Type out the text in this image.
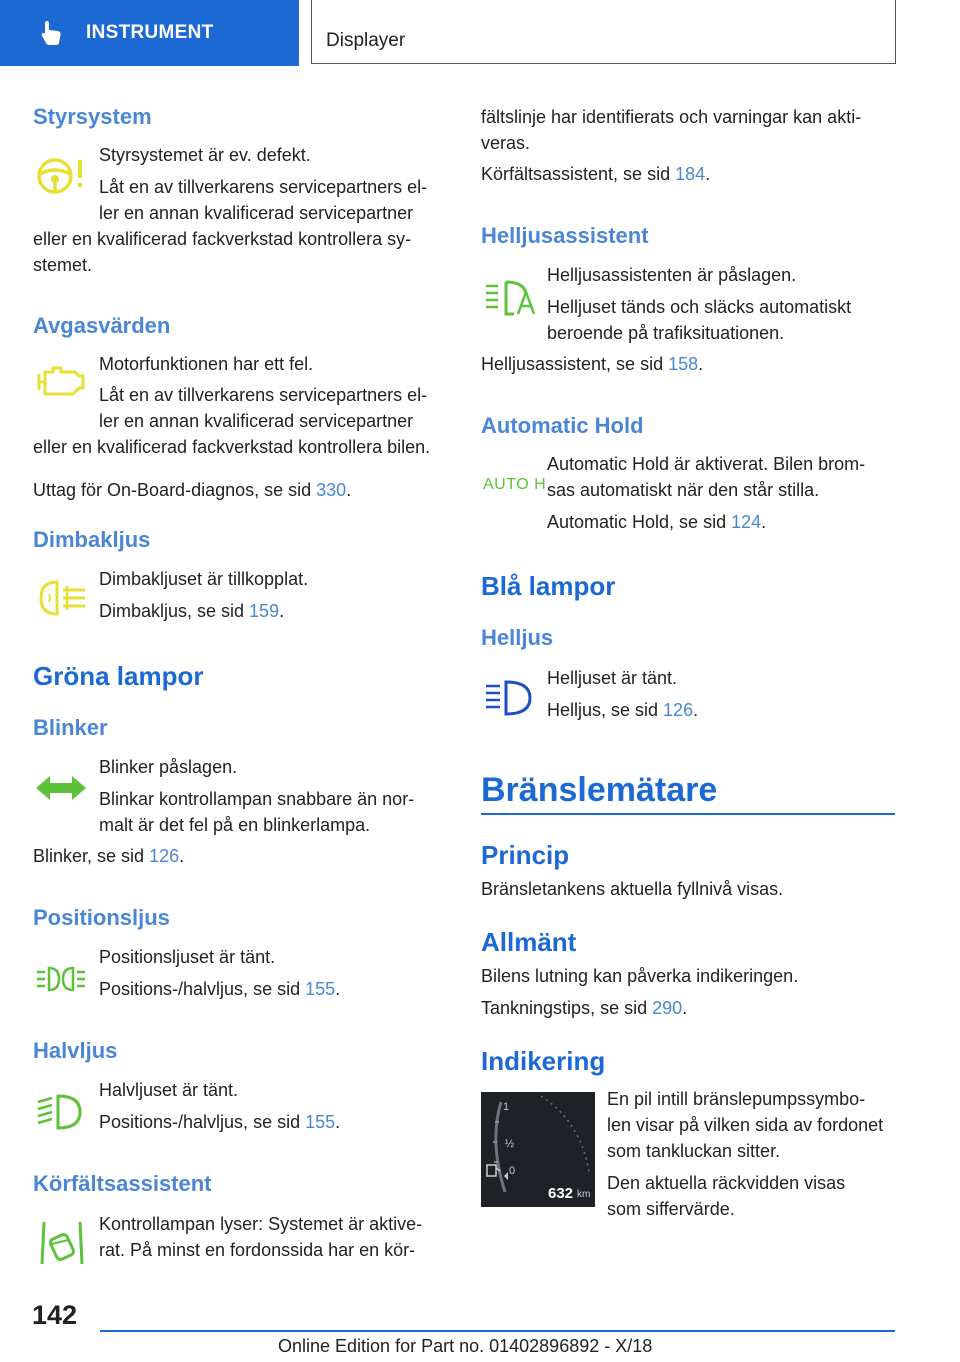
INSTRUMENT	Displayer
Styrsystem
Styrsystemet är ev. defekt.
Låt en av tillverkarens servicepartners el-
ler en annan kvalificerad servicepartner
eller en kvalificerad fackverkstad kontrollera sy-
stemet.
Avgasvärden
Motorfunktionen har ett fel.
Låt en av tillverkarens servicepartners el-
ler en annan kvalificerad servicepartner
eller en kvalificerad fackverkstad kontrollera bilen.
Uttag för On-Board-diagnos, se sid 330.
Dimbakljus
Dimbakljuset är tillkopplat.
Dimbakljus, se sid 159.
Gröna lampor
Blinker
Blinker påslagen.
Blinkar kontrollampan snabbare än nor-
malt är det fel på en blinkerlampa.
Blinker, se sid 126.
Positionsljus
Positionsljuset är tänt.
Positions-/halvljus, se sid 155.
Halvljus
Halvljuset är tänt.
Positions-/halvljus, se sid 155.
Körfältsassistent
Kontrollampan lyser: Systemet är aktive-
rat. På minst en fordonssida har en kör-
fältslinje har identifierats och varningar kan akti-
veras.
Körfältsassistent, se sid 184.
Helljusassistent
Helljusassistenten är påslagen.
Helljuset tänds och släcks automatiskt
beroende på trafiksituationen.
Helljusassistent, se sid 158.
Automatic Hold
AUTO H
Automatic Hold är aktiverat. Bilen brom-
sas automatiskt när den står stilla.
Automatic Hold, se sid 124.
Blå lampor
Helljus
Helljuset är tänt.
Helljus, se sid 126.
Bränslemätare
Princip
Bränsletankens aktuella fyllnivå visas.
Allmänt
Bilens lutning kan påverka indikeringen.
Tankningstips, se sid 290.
Indikering
1
½
0
632 km
En pil intill bränslepumpssymbo-
len visar på vilken sida av fordonet
som tankluckan sitter.
Den aktuella räckvidden visas
som siffervärde.
142
Online Edition for Part no. 01402896892 - X/18
